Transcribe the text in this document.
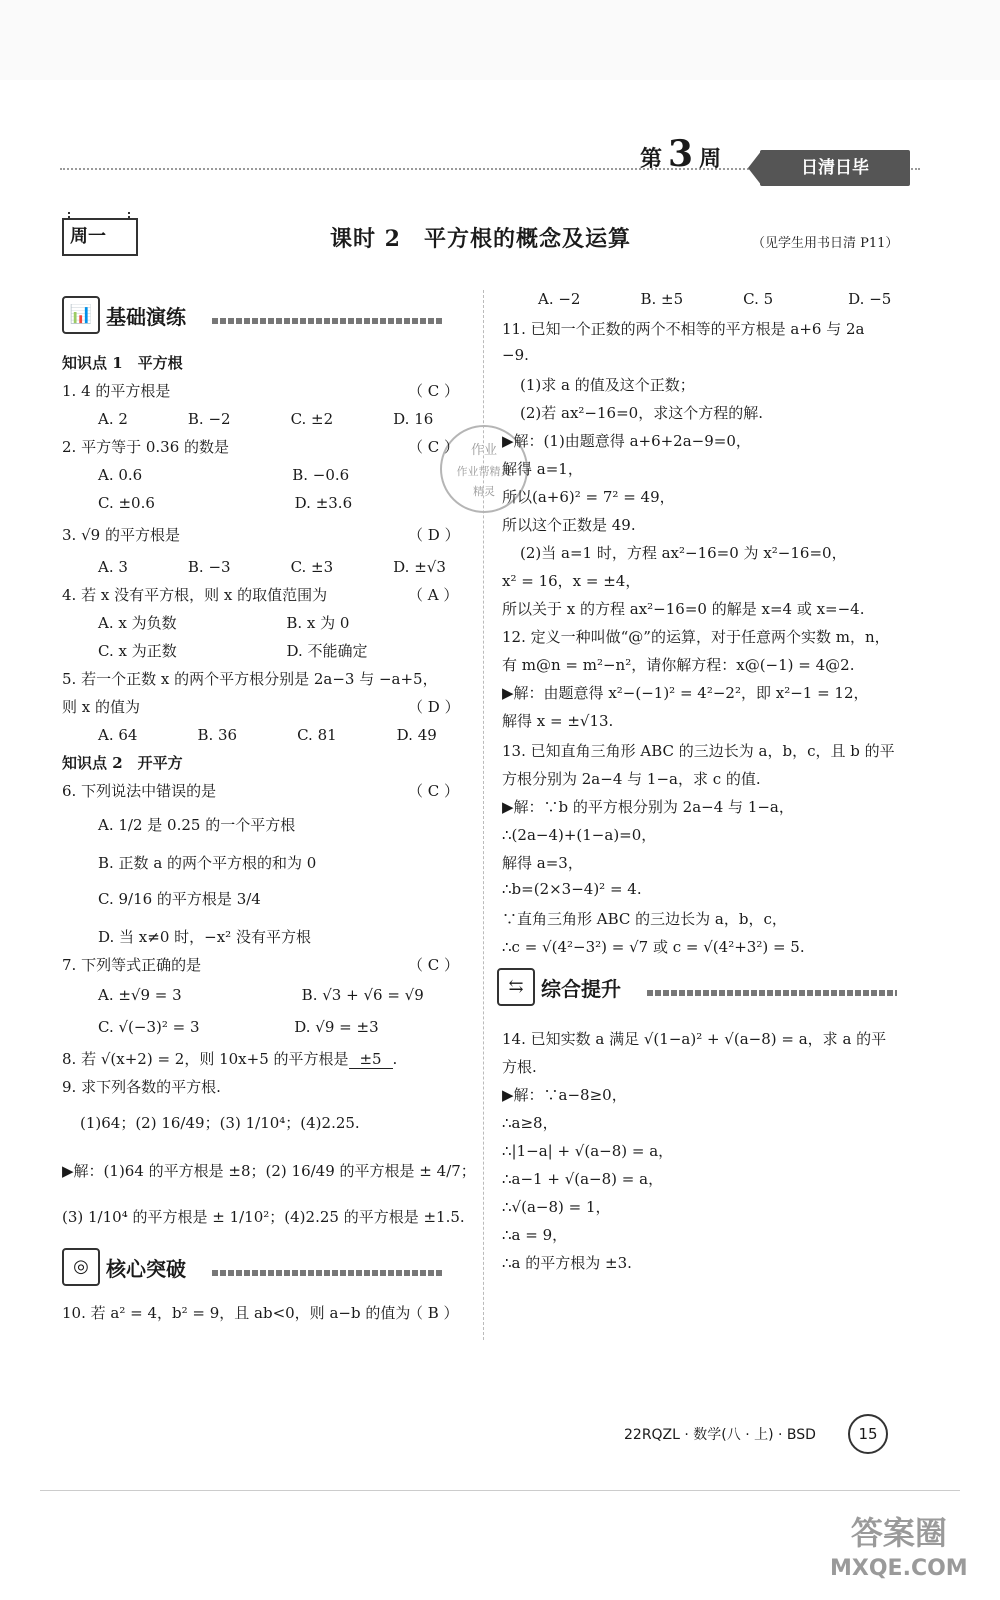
第 3 周	日清日毕
周一	课时 2　平方根的概念及运算	（见学生用书日清 P11）
📊 基础演练
◎ 核心突破
⇆ 综合提升
作业
作业帮精灵
精灵
知识点 1　平方根
1. 4 的平方根是	（ C ）
A. 2　　　　B. −2　　　　C. ±2　　　　D. 16
2. 平方等于 0.36 的数是	（ C ）
A. 0.6　　　　　　　　　　B. −0.6
C. ±0.6　　　　　　　　　 D. ±3.6
3. √9 的平方根是	（ D ）
A. 3　　　　B. −3　　　　C. ±3　　　　D. ±√3
4. 若 x 没有平方根，则 x 的取值范围为	（ A ）
A. x 为负数　　　　　　　 B. x 为 0
C. x 为正数　　　　　　　 D. 不能确定
5. 若一个正数 x 的两个平方根分别是 2a−3 与 −a+5，
则 x 的值为	（ D ）
A. 64　　　　B. 36　　　　C. 81　　　　D. 49
知识点 2　开平方
6. 下列说法中错误的是	（ C ）
A. 1/2 是 0.25 的一个平方根
B. 正数 a 的两个平方根的和为 0
C. 9/16 的平方根是 3/4
D. 当 x≠0 时，−x² 没有平方根
7. 下列等式正确的是	（ C ）
A. ±√9 = 3　　　　　　　　B. √3 + √6 = √9
C. √(−3)² = 3　　　　　　 D. √9 = ±3
8. 若 √(x+2) = 2，则 10x+5 的平方根是 ±5 .
9. 求下列各数的平方根.
(1)64；(2) 16/49；(3) 1/10⁴；(4)2.25.
▶解：(1)64 的平方根是 ±8；(2) 16/49 的平方根是 ± 4/7；
(3) 1/10⁴ 的平方根是 ± 1/10²；(4)2.25 的平方根是 ±1.5.
10. 若 a² = 4，b² = 9，且 ab<0，则 a−b 的值为
（ B ）
A. −2　　　　B. ±5　　　　C. 5　　　　　D. −5
11. 已知一个正数的两个不相等的平方根是 a+6 与 2a
−9.
(1)求 a 的值及这个正数；
(2)若 ax²−16=0，求这个方程的解.
▶解：(1)由题意得 a+6+2a−9=0，
解得 a=1，
所以(a+6)² = 7² = 49，
所以这个正数是 49.
(2)当 a=1 时，方程 ax²−16=0 为 x²−16=0，
x² = 16，x = ±4，
所以关于 x 的方程 ax²−16=0 的解是 x=4 或 x=−4.
12. 定义一种叫做“@”的运算，对于任意两个实数 m，n，
有 m@n = m²−n²，请你解方程：x@(−1) = 4@2.
▶解：由题意得 x²−(−1)² = 4²−2²，即 x²−1 = 12，
解得 x = ±√13.
13. 已知直角三角形 ABC 的三边长为 a，b，c，且 b 的平
方根分别为 2a−4 与 1−a，求 c 的值.
▶解：∵b 的平方根分别为 2a−4 与 1−a，
∴(2a−4)+(1−a)=0，
解得 a=3，
∴b=(2×3−4)² = 4.
∵直角三角形 ABC 的三边长为 a，b，c，
∴c = √(4²−3²) = √7 或 c = √(4²+3²) = 5.
14. 已知实数 a 满足 √(1−a)² + √(a−8) = a，求 a 的平
方根.
▶解：∵a−8≥0，
∴a≥8，
∴|1−a| + √(a−8) = a，
∴a−1 + √(a−8) = a，
∴√(a−8) = 1，
∴a = 9，
∴a 的平方根为 ±3.
22RQZL · 数学(八 · 上) · BSD	15
答案圈
MXQE.COM
